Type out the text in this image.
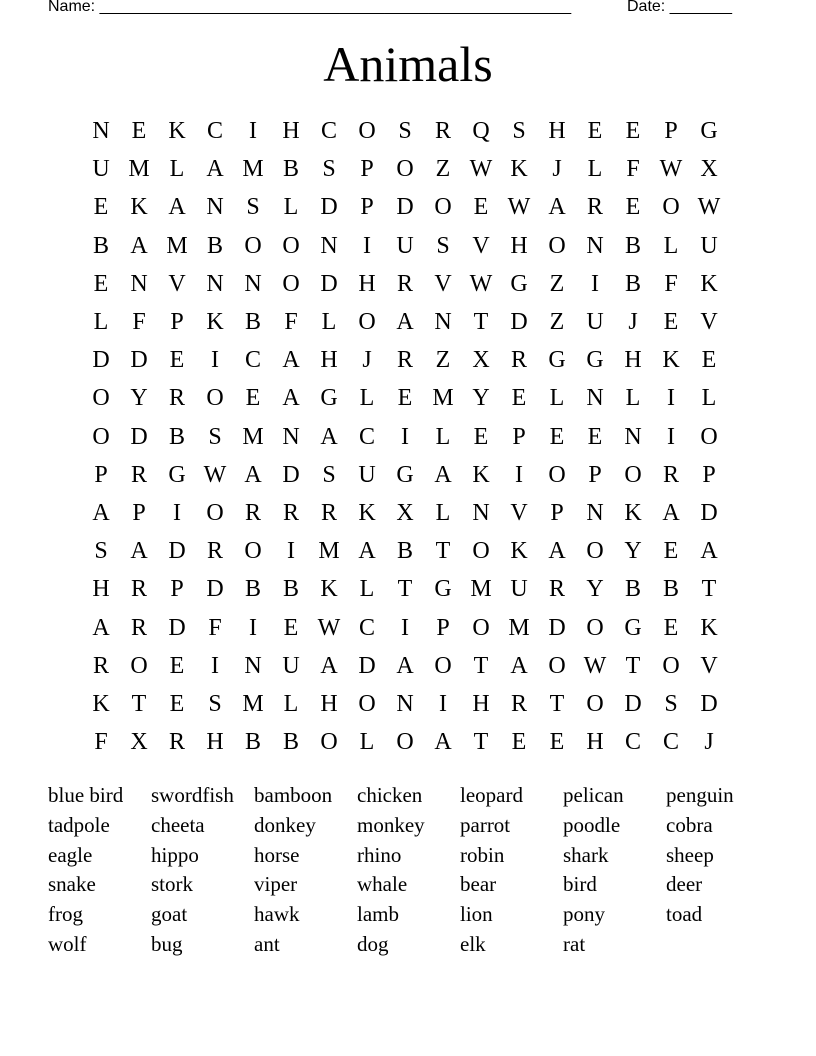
Name: _____________________________________________________	Date: _______
Animals
N E K C	I	H C O S R Q S H E E P G
U M L A M B S	P O Z W K	J	L F W X
E K A N S L D P D O E W A R E O W
B A M B O O N	I	U S V H O N B L U
E N V N N O D H R V W G Z	I	B F K
L F	P K B F L O A N T D Z U	J	E V
D D E	I	C A H	J	R Z X R G G H K E
O Y R O E A G L E M Y E L N L	I	L
O D B S M N A C	I	L E P E E N	I	O
P R G W A D S U G A K	I	O P O R P
A P	I	O R R R K X L N V P N K A D
S A D R O	I M A B T O K A O Y E A
H R P D B B K L T G M U R Y B B T
A R D F	I	E W C	I	P O M D O G E K
R O E	I	N U A D A O T A O W T O V
K T E S M L H O N	I	H R T O D S D
F X R H B B O L O A T E E H C C	J
blue bird swordfish bamboon chicken leopard pelican penguin
tadpole cheeta donkey monkey parrot	poodle cobra
eagle	hippo	horse	rhino	robin	shark	sheep
snake	stork	viper	whale	bear	bird	deer
frog	goat	hawk	lamb	lion	pony	toad
wolf	bug	ant	dog	elk	rat
